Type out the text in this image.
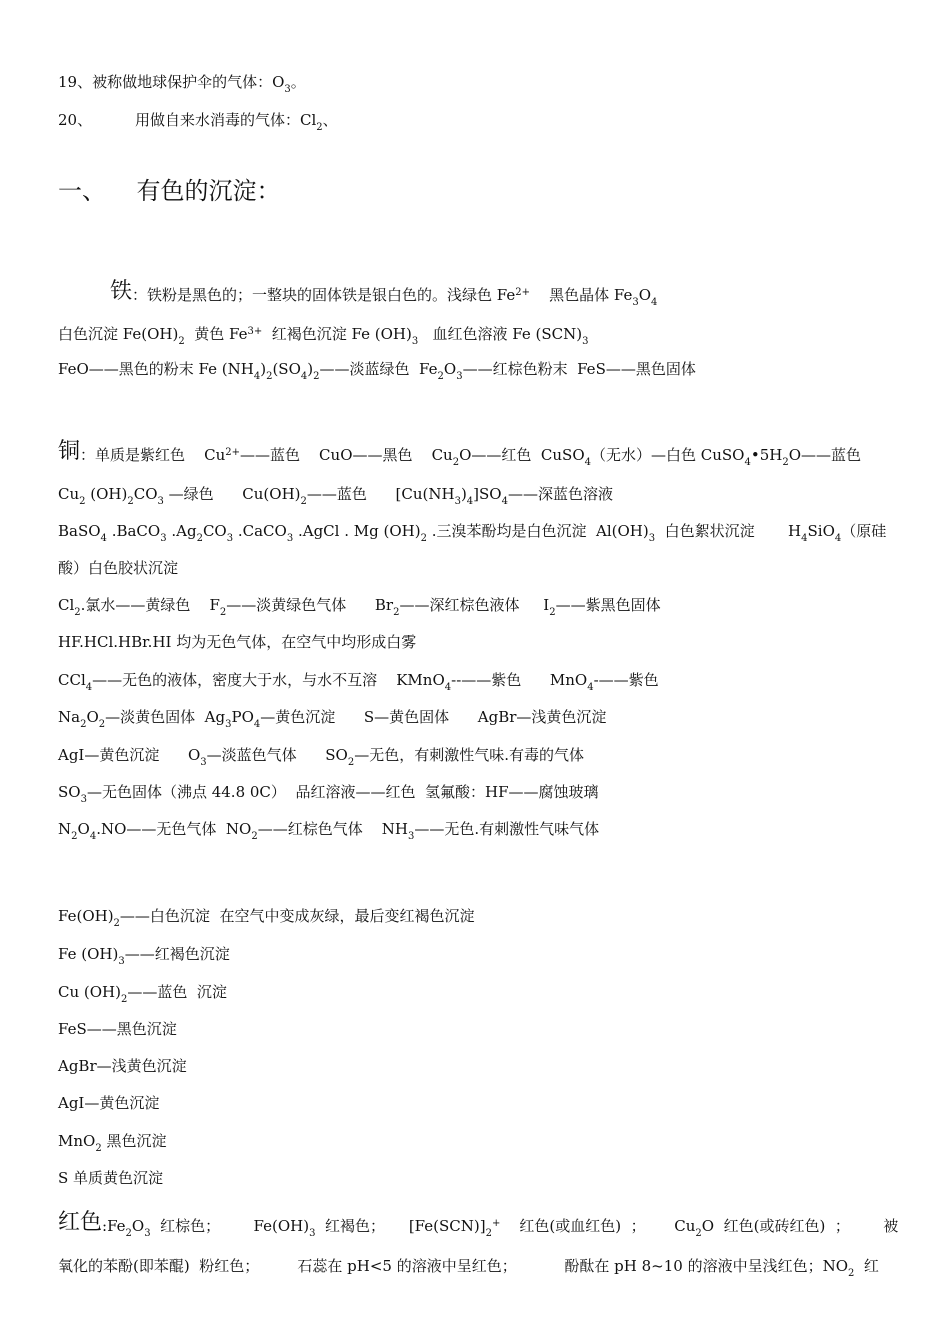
19、被称做地球保护伞的气体：$O_3$。
20、         用做自来水消毒的气体：$Cl_2$、
一、    有色的沉淀：
铁：铁粉是黑色的；一整块的固体铁是银白色的。浅绿色 $Fe^{2+}$    黑色晶体 $Fe_3O_4$
白色沉淀 $Fe(OH)_2$  黄色 $Fe^{3+}$  红褐色沉淀 Fe $(OH)_3$   血红色溶液 Fe $(SCN)_3$
FeO——黑色的粉末 Fe $(NH_4)_2(SO_4)_2——$淡蓝绿色  $Fe_2O_3——$红棕色粉末  FeS——黑色固体
铜：单质是紫红色    $Cu^{2+}——$蓝色    CuO——黑色    $Cu_2O——$红色  CuSO$_4$（无水）—白色 $CuSO_4•5H_2O——$蓝色
$Cu_2$ $(OH)_2CO_3$ —绿色      $Cu(OH)_2——$蓝色      $[Cu(NH_3)_4]SO_4——$深蓝色溶液
BaSO$_4$ .BaCO$_3$ $.Ag_2CO_3$ .CaCO$_3$ .AgCl . Mg $(OH)_2$ .三溴苯酚均是白色沉淀  $Al(OH)_3$  白色絮状沉淀       $H_4SiO_4$（原硅
酸）白色胶状沉淀
$Cl_2$.氯水——黄绿色    $F_2——$淡黄绿色气体      $Br_2——$深红棕色液体     $I_2——$紫黑色固体
HF.HCl.HBr.HI 均为无色气体，在空气中均形成白雾
CCl$_4$——无色的液体，密度大于水，与水不互溶    KMnO$_4$--——紫色      MnO$_4$-——紫色
$Na_2O_2—$淡黄色固体  $Ag_3PO_4—$黄色沉淀      S—黄色固体      AgBr—浅黄色沉淀
AgI—黄色沉淀      $O_3—$淡蓝色气体      $SO_2—$无色，有刺激性气味.有毒的气体
$SO_3—$无色固体（沸点 44.8 0C）  品红溶液——红色  氢氟酸：HF——腐蚀玻璃
$N_2O_4.NO——$无色气体  $NO_2——$红棕色气体    $NH_3——$无色.有刺激性气味气体
$Fe(OH)_2——$白色沉淀  在空气中变成灰绿，最后变红褐色沉淀
Fe $(OH)_3——$红褐色沉淀
Cu $(OH)_2——$蓝色  沉淀
FeS——黑色沉淀
AgBr—浅黄色沉淀
AgI—黄色沉淀
MnO$_2$ 黑色沉淀
S 单质黄色沉淀
红色$:Fe_2O_3$  红棕色；       $Fe(OH)_3$  红褐色；     $[Fe(SCN)]_2^+$    红色(或血红色)  ；      $Cu_2O$  红色(或砖红色)  ；       被
氧化的苯酚(即苯醌)  粉红色；        石蕊在 pH<5 的溶液中呈红色；          酚酞在 pH 8~10 的溶液中呈浅红色；$NO_2$  红
